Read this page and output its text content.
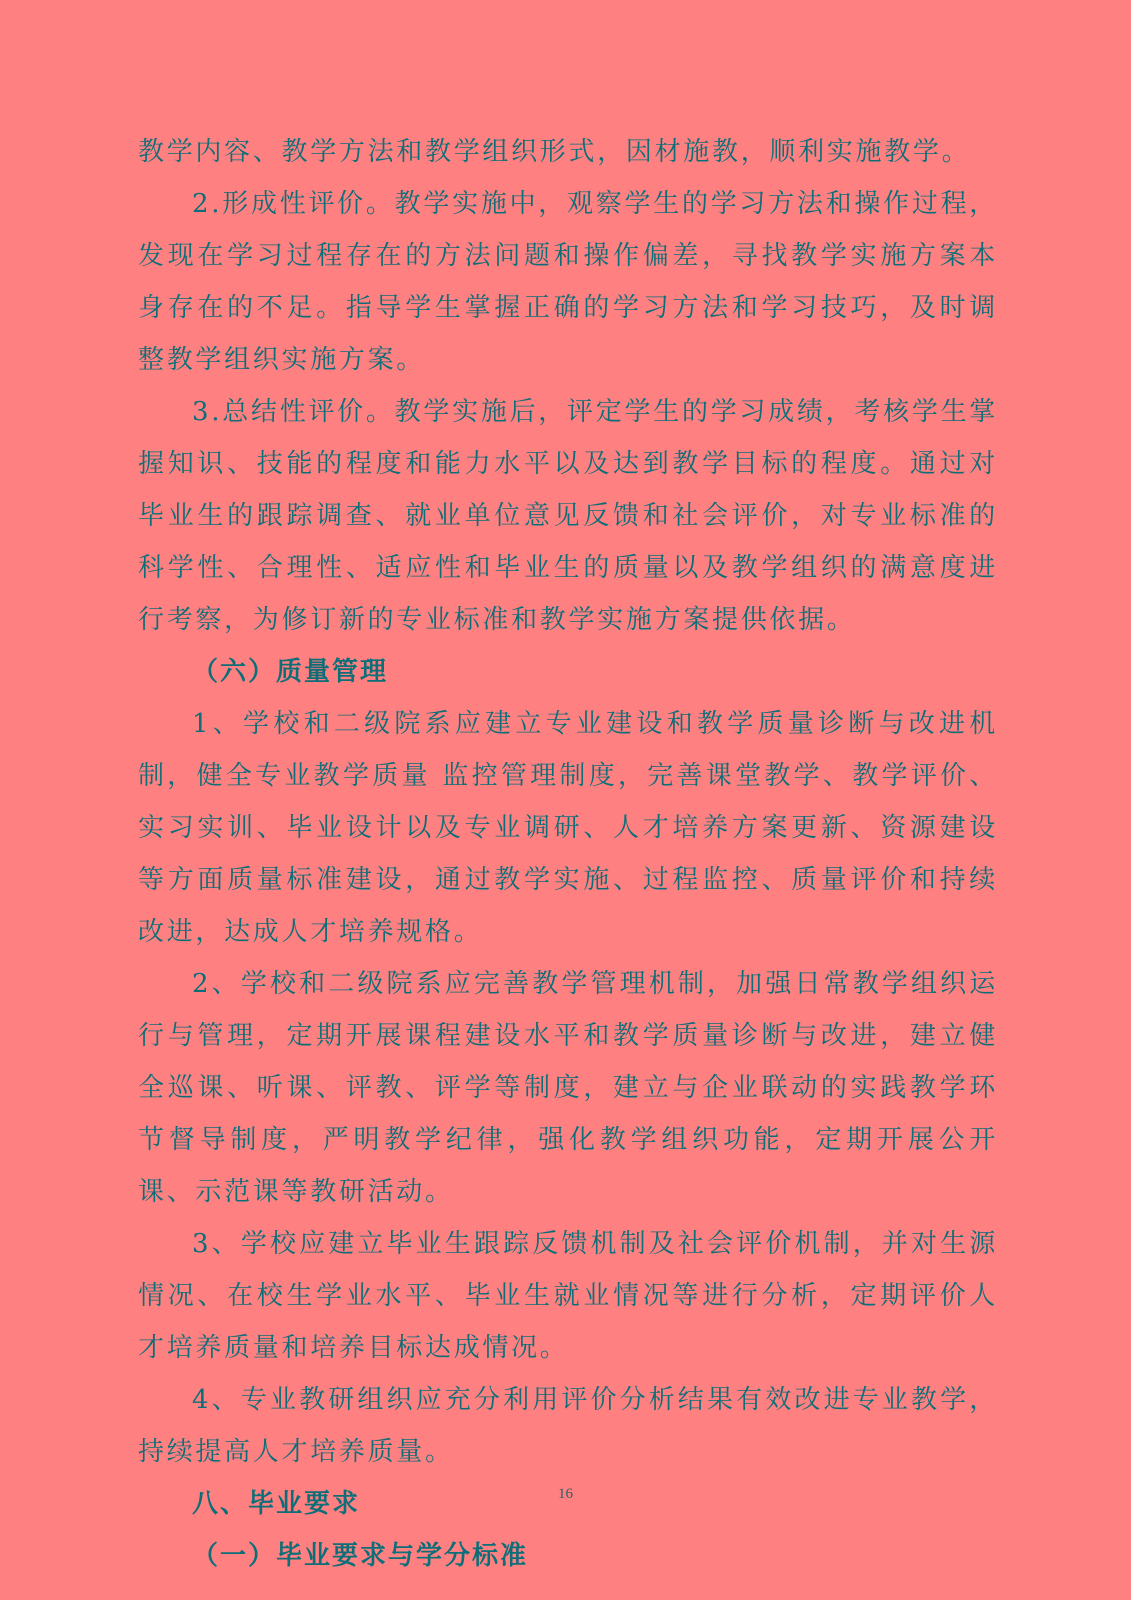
教学内容、教学方法和教学组织形式，因材施教，顺利实施教学。

2.形成性评价。教学实施中，观察学生的学习方法和操作过程，发现在学习过程存在的方法问题和操作偏差，寻找教学实施方案本身存在的不足。指导学生掌握正确的学习方法和学习技巧，及时调整教学组织实施方案。

3.总结性评价。教学实施后，评定学生的学习成绩，考核学生掌握知识、技能的程度和能力水平以及达到教学目标的程度。通过对毕业生的跟踪调查、就业单位意见反馈和社会评价，对专业标准的科学性、合理性、适应性和毕业生的质量以及教学组织的满意度进行考察，为修订新的专业标准和教学实施方案提供依据。

（六）质量管理

1、学校和二级院系应建立专业建设和教学质量诊断与改进机制，健全专业教学质量 监控管理制度，完善课堂教学、教学评价、实习实训、毕业设计以及专业调研、人才培养方案更新、资源建设等方面质量标准建设，通过教学实施、过程监控、质量评价和持续改进，达成人才培养规格。

2、学校和二级院系应完善教学管理机制，加强日常教学组织运行与管理，定期开展课程建设水平和教学质量诊断与改进，建立健全巡课、听课、评教、评学等制度，建立与企业联动的实践教学环节督导制度，严明教学纪律，强化教学组织功能，定期开展公开课、示范课等教研活动。

3、学校应建立毕业生跟踪反馈机制及社会评价机制，并对生源情况、在校生学业水平、毕业生就业情况等进行分析，定期评价人才培养质量和培养目标达成情况。

4、专业教研组织应充分利用评价分析结果有效改进专业教学，持续提高人才培养质量。

八、毕业要求

（一）毕业要求与学分标准

16
